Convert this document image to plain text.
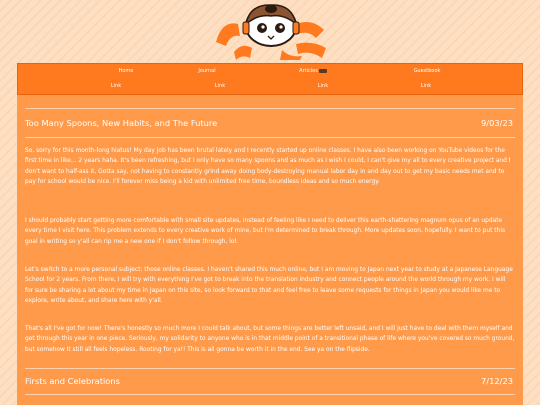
Home	Journal	Articles	Guestbook
Link	Link	Link	Link
Too Many Spoons, New Habits, and The Future	9/03/23

So, sorry for this month-long hiatus! My day job has been brutal lately and I recently started up online classes. I have also been working on YouTube videos for the first time in like... 2 years haha. It's been refreshing, but I only have so many spoons and as much as I wish I could, I can't give my all to every creative project and I don't want to half-ass it. Gotta say, not having to constantly grind away doing body-destroying manual labor day in and day out to get my basic needs met and to pay for school would be nice. I'll forever miss being a kid with unlimited free time, boundless ideas and so much energy.

I should probably start getting more comfortable with small site updates, instead of feeling like I need to deliver this earth-shattering magnum opus of an update every time I visit here. This problem extends to every creative work of mine, but I'm determined to break through. More updates soon, hopefully. I want to put this goal in writing so y'all can rip me a new one if I don't follow through, lol.

Let's switch to a more personal subject: those online classes. I haven't shared this much online, but I am moving to Japan next year to study at a Japanese Language School for 2 years. From there, I will try with everything I've got to break into the translation industry and connect people around the world through my work. I will for sure be sharing a lot about my time in Japan on this site, so look forward to that and feel free to leave some requests for things in Japan you would like me to explore, write about, and share here with y'all.

That's all I've got for now! There's honestly so much more I could talk about, but some things are better left unsaid, and I will just have to deal with them myself and get through this year in one piece. Seriously, my solidarity to anyone who is in that middle point of a transitional phase of life where you've covered so much ground, but somehow it still all feels hopeless. Rooting for ya!! This is all gonna be worth it in the end. See ya on the flipside.

Firsts and Celebrations	7/12/23
